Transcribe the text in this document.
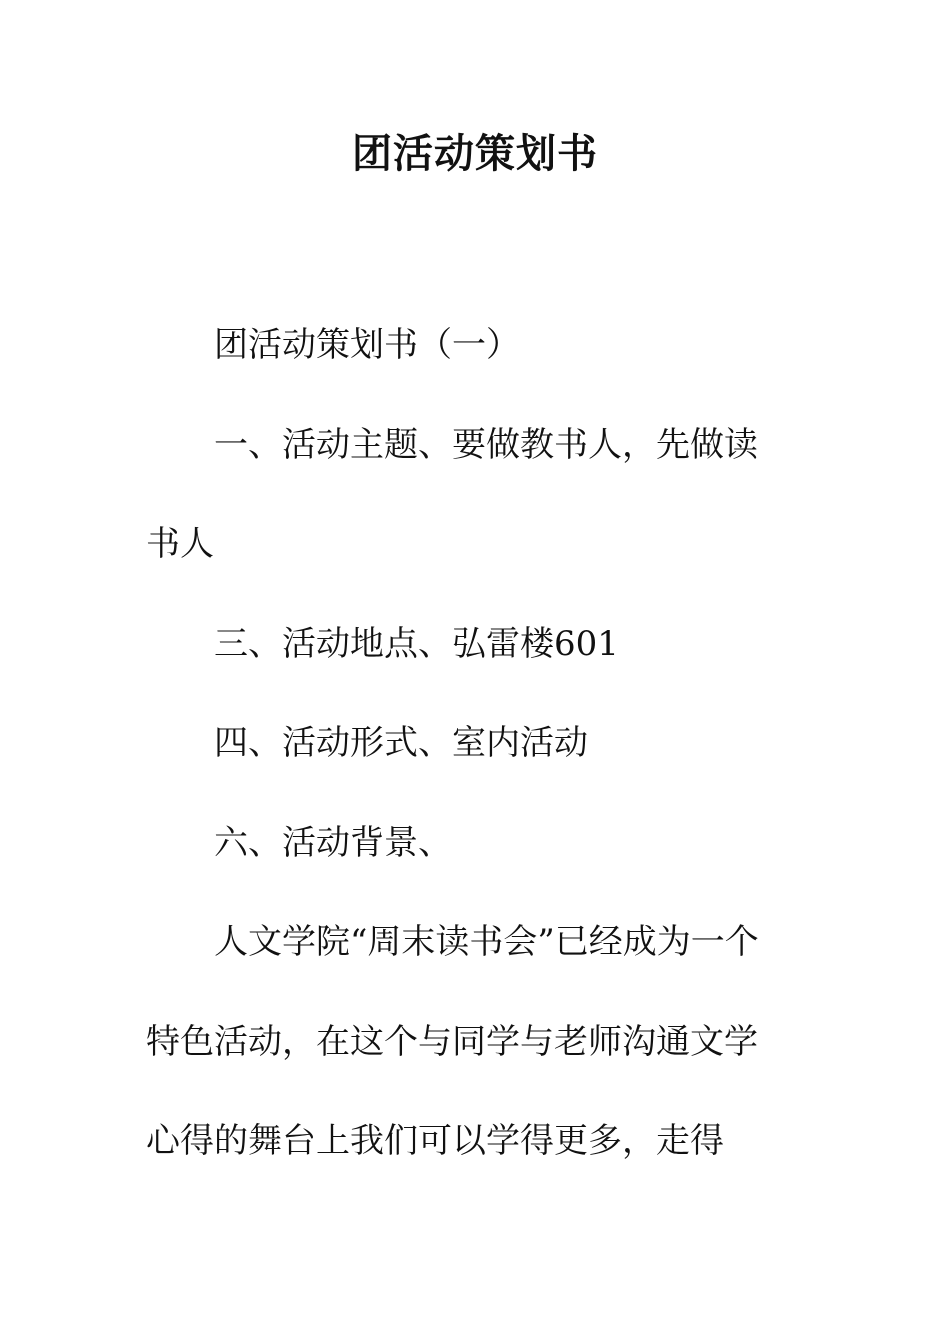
团活动策划书

团活动策划书（一）

一、活动主题、要做教书人，先做读书人

三、活动地点、弘雷楼601

四、活动形式、室内活动

六、活动背景、

人文学院“周末读书会”已经成为一个特色活动，在这个与同学与老师沟通文学心得的舞台上我们可以学得更多，走得
